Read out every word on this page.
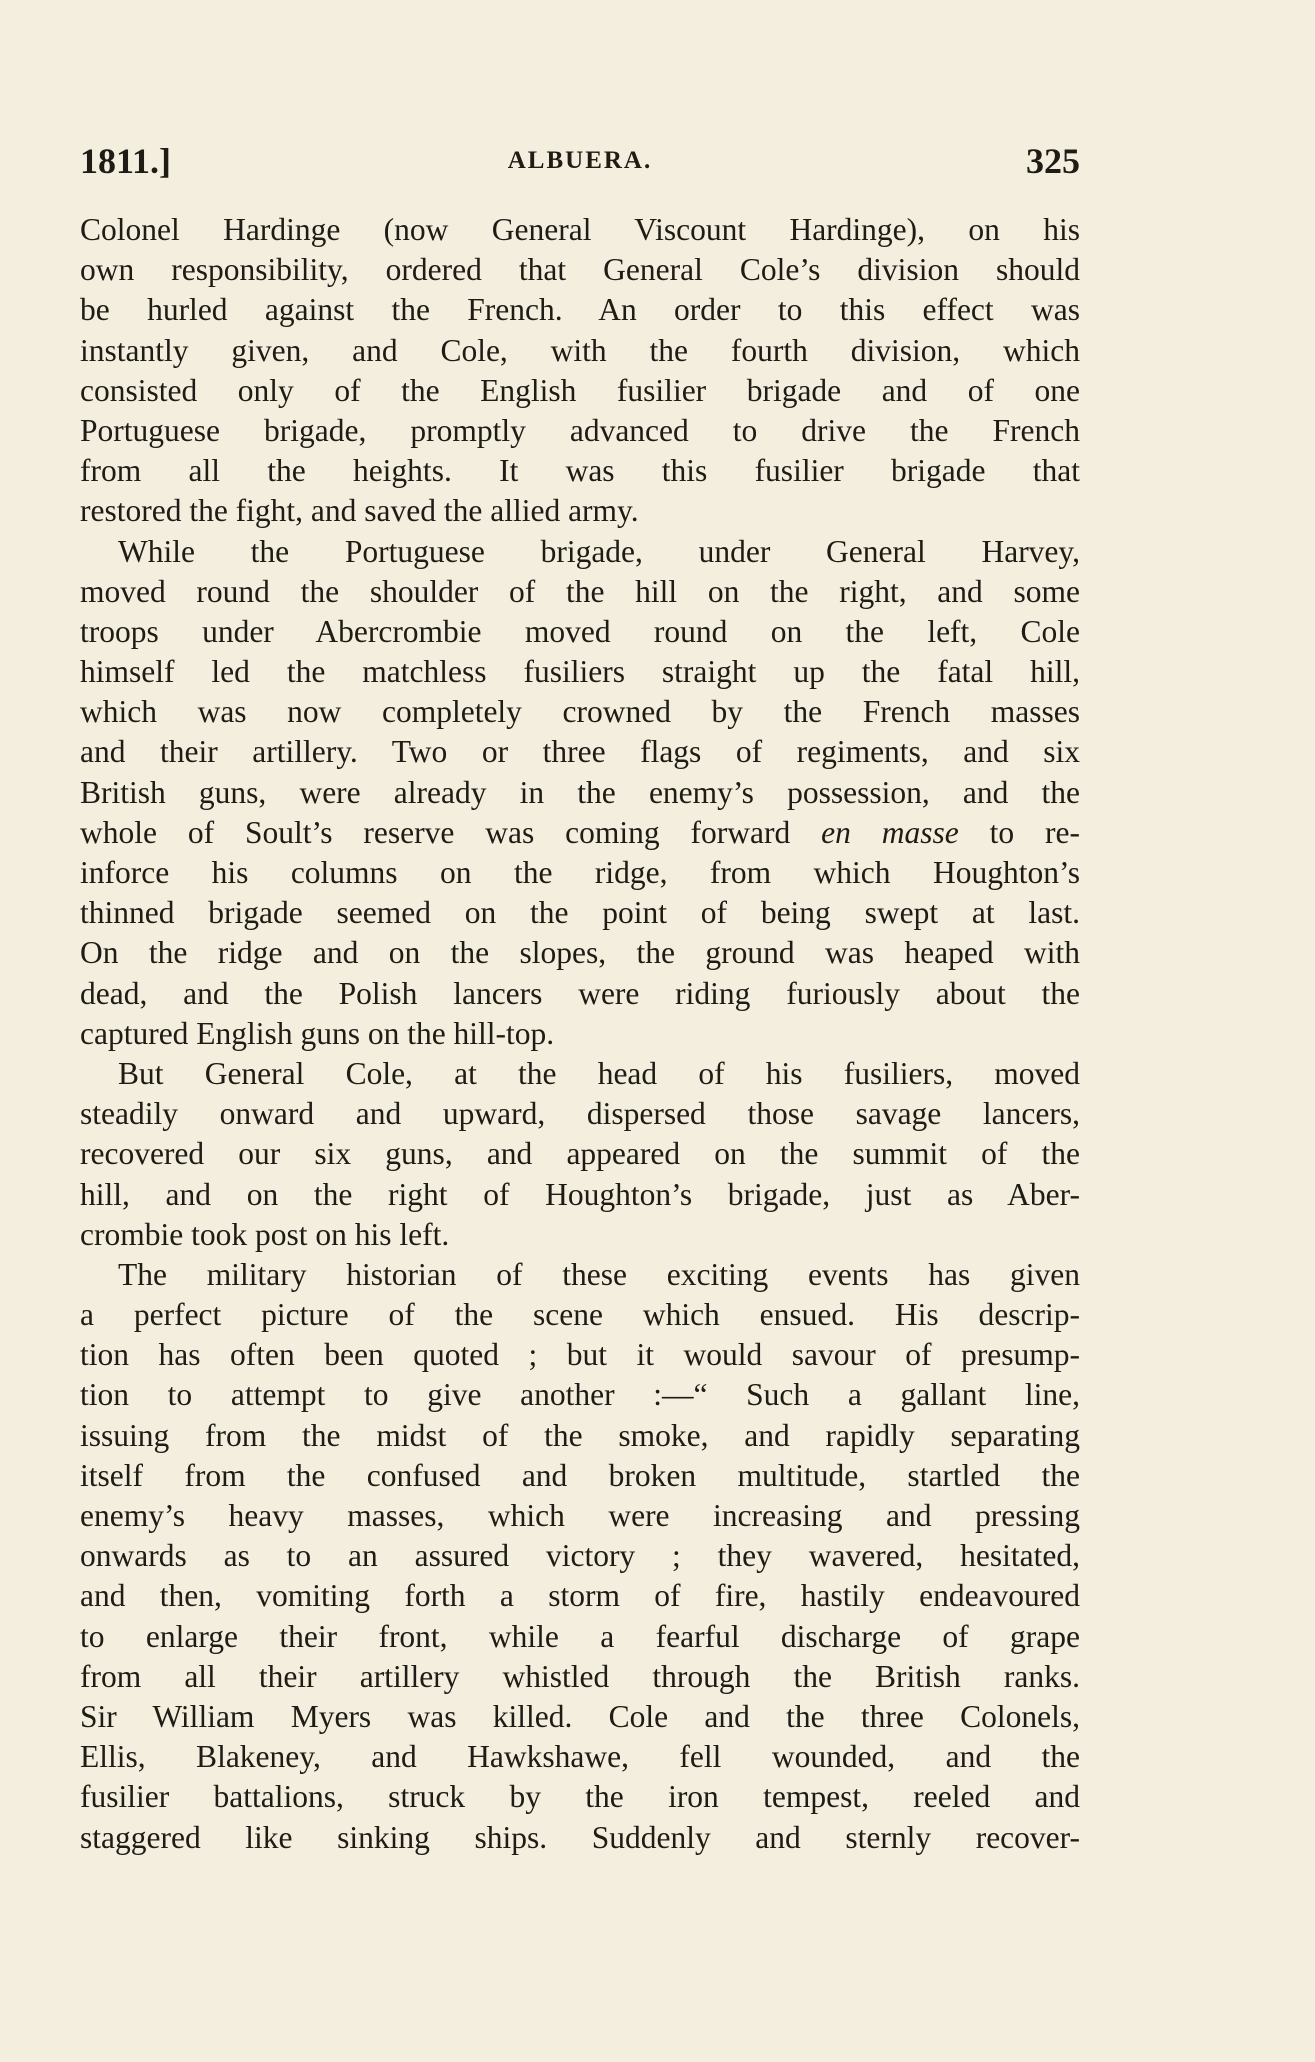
1811.]	ALBUERA.	325
Colonel Hardinge (now General Viscount Hardinge), on his
own responsibility, ordered that General Cole’s division should
be hurled against the French. An order to this effect was
instantly given, and Cole, with the fourth division, which
consisted only of the English fusilier brigade and of one
Portuguese brigade, promptly advanced to drive the French
from all the heights. It was this fusilier brigade that
restored the fight, and saved the allied army.
While the Portuguese brigade, under General Harvey,
moved round the shoulder of the hill on the right, and some
troops under Abercrombie moved round on the left, Cole
himself led the matchless fusiliers straight up the fatal hill,
which was now completely crowned by the French masses
and their artillery. Two or three flags of regiments, and six
British guns, were already in the enemy’s possession, and the
whole of Soult’s reserve was coming forward en masse to re-
inforce his columns on the ridge, from which Houghton’s
thinned brigade seemed on the point of being swept at last.
On the ridge and on the slopes, the ground was heaped with
dead, and the Polish lancers were riding furiously about the
captured English guns on the hill-top.
But General Cole, at the head of his fusiliers, moved
steadily onward and upward, dispersed those savage lancers,
recovered our six guns, and appeared on the summit of the
hill, and on the right of Houghton’s brigade, just as Aber-
crombie took post on his left.
The military historian of these exciting events has given
a perfect picture of the scene which ensued. His descrip-
tion has often been quoted ; but it would savour of presump-
tion to attempt to give another :—“ Such a gallant line,
issuing from the midst of the smoke, and rapidly separating
itself from the confused and broken multitude, startled the
enemy’s heavy masses, which were increasing and pressing
onwards as to an assured victory ; they wavered, hesitated,
and then, vomiting forth a storm of fire, hastily endeavoured
to enlarge their front, while a fearful discharge of grape
from all their artillery whistled through the British ranks.
Sir William Myers was killed. Cole and the three Colonels,
Ellis, Blakeney, and Hawkshawe, fell wounded, and the
fusilier battalions, struck by the iron tempest, reeled and
staggered like sinking ships. Suddenly and sternly recover-
